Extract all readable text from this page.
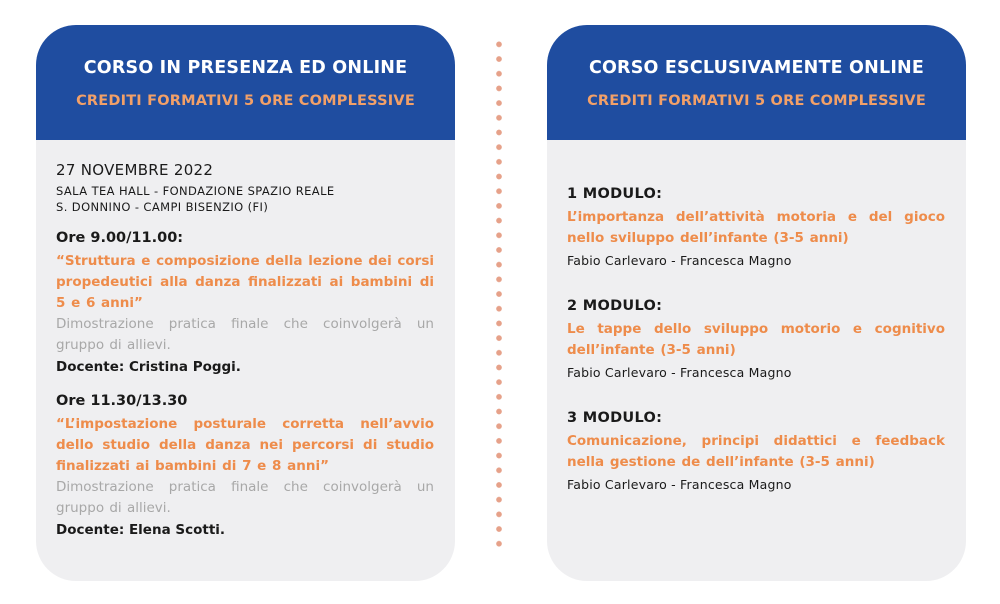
CORSO IN PRESENZA ED ONLINE
CREDITI FORMATIVI 5 ORE COMPLESSIVE
27 NOVEMBRE 2022
SALA TEA HALL - FONDAZIONE SPAZIO REALE
S. DONNINO - CAMPI BISENZIO (FI)
Ore 9.00/11.00:
“Struttura e composizione della lezione dei corsi propedeutici alla danza finalizzati ai bambini di 5 e 6 anni”
Dimostrazione pratica finale che coinvolgerà un gruppo di allievi.
Docente: Cristina Poggi.
Ore 11.30/13.30
“L’impostazione posturale corretta nell’avvio dello studio della danza nei percorsi di studio finalizzati ai bambini di 7 e 8 anni”
Dimostrazione pratica finale che coinvolgerà un gruppo di allievi.
Docente: Elena Scotti.
CORSO ESCLUSIVAMENTE ONLINE
CREDITI FORMATIVI 5 ORE COMPLESSIVE
1 MODULO:
L’importanza dell’attività motoria e del gioco nello sviluppo dell’infante (3-5 anni)
Fabio Carlevaro - Francesca Magno
2 MODULO:
Le tappe dello sviluppo motorio e cognitivo dell’infante (3-5 anni)
Fabio Carlevaro - Francesca Magno
3 MODULO:
Comunicazione, principi didattici e feedback nella gestione de dell’infante (3-5 anni)
Fabio Carlevaro - Francesca Magno
